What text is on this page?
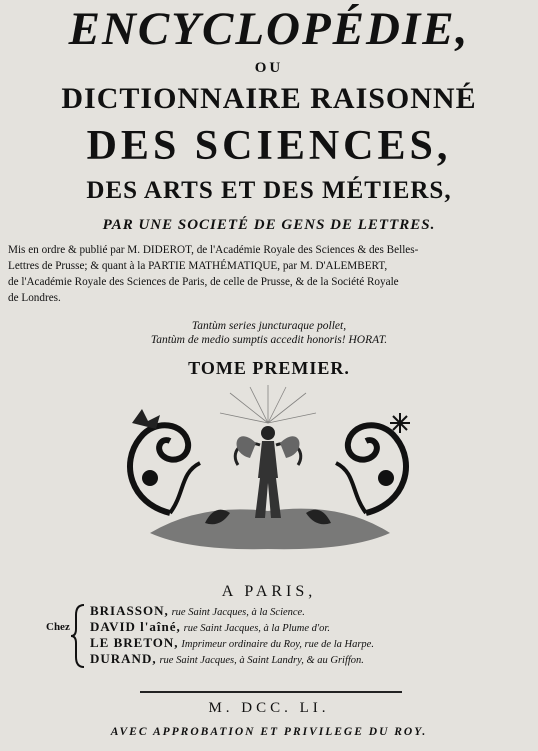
ENCYCLOPÉDIE,
OU
DICTIONNAIRE RAISONNÉ
DES SCIENCES,
DES ARTS ET DES MÉTIERS,
PAR UNE SOCIETÉ DE GENS DE LETTRES.
Mis en ordre & publié par M. DIDEROT, de l'Académie Royale des Sciences & des Belles-
Lettres de Prusse; & quant à la PARTIE MATHÉMATIQUE, par M. D'ALEMBERT,
de l'Académie Royale des Sciences de Paris, de celle de Prusse, & de la Société Royale
de Londres.
Tantùm series juncturaque pollet,
Tantùm de medio sumptis accedit honoris! HORAT.
TOME PREMIER.
A PARIS,
Chez
BRIASSON, rue Saint Jacques, à la Science.
DAVID l'aîné, rue Saint Jacques, à la Plume d'or.
LE BRETON, Imprimeur ordinaire du Roy, rue de la Harpe.
DURAND, rue Saint Jacques, à Saint Landry, & au Griffon.
M. DCC. LI.
AVEC APPROBATION ET PRIVILEGE DU ROY.
